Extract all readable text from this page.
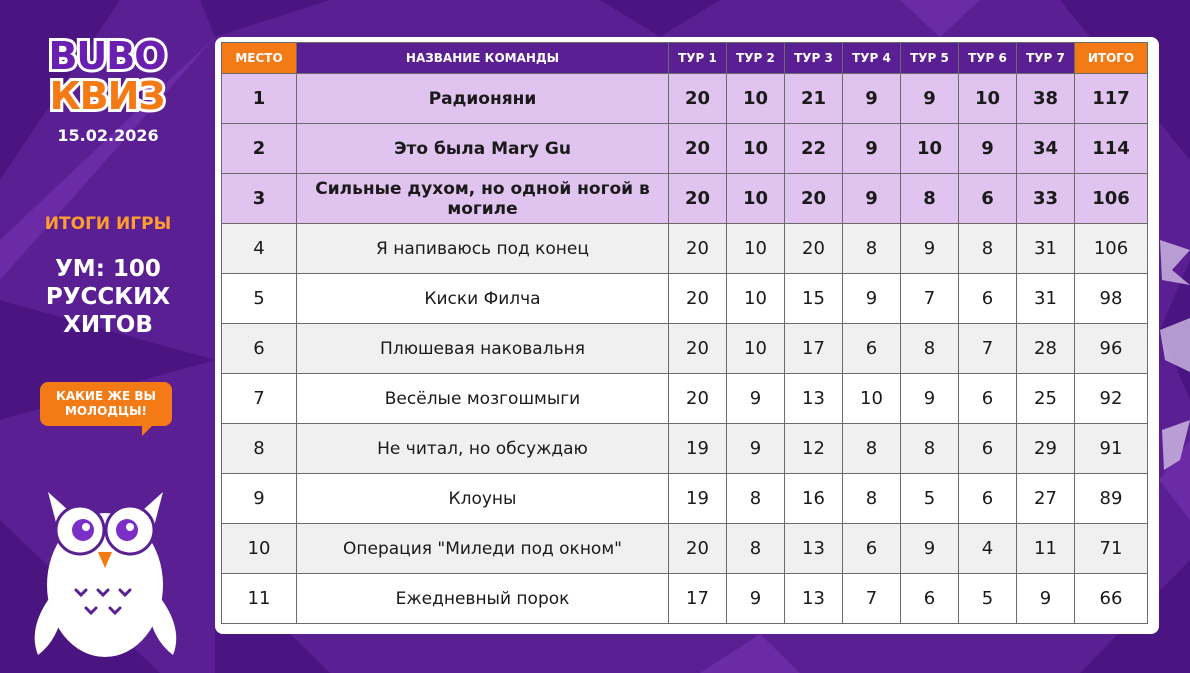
BUBO
КВИЗ
15.02.2026
ИТОГИ ИГРЫ
УМ: 100
РУССКИХ
ХИТОВ
КАКИЕ ЖЕ ВЫ
МОЛОДЦЫ!
МЕСТО	НАЗВАНИЕ КОМАНДЫ	ТУР 1	ТУР 2	ТУР 3	ТУР 4	ТУР 5	ТУР 6	ТУР 7	ИТОГО
1	Радионяни	20	10	21	9	9	10	38	117
2	Это была Mary Gu	20	10	22	9	10	9	34	114
3	Сильные духом, но одной ногой в могиле	20	10	20	9	8	6	33	106
4	Я напиваюсь под конец	20	10	20	8	9	8	31	106
5	Киски Филча	20	10	15	9	7	6	31	98
6	Плюшевая наковальня	20	10	17	6	8	7	28	96
7	Весёлые мозгошмыги	20	9	13	10	9	6	25	92
8	Не читал, но обсуждаю	19	9	12	8	8	6	29	91
9	Клоуны	19	8	16	8	5	6	27	89
10	Операция "Миледи под окном"	20	8	13	6	9	4	11	71
11	Ежедневный порок	17	9	13	7	6	5	9	66
